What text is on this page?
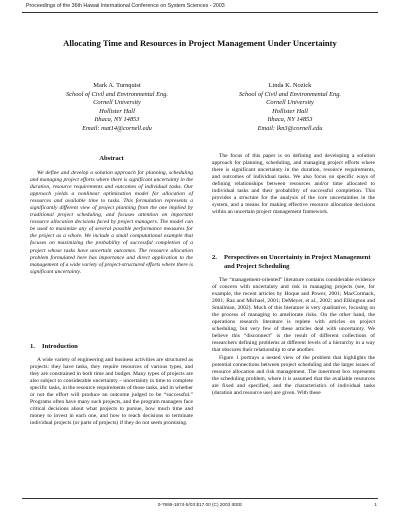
Proceedings of the 36th Hawaii International Conference on System Sciences - 2003
Allocating Time and Resources in Project Management Under Uncertainty
Mark A. Turnquist
School of Civil and Environmental Eng.
Cornell University
Hollister Hall
Ithaca, NY 14853
Email: mat14@cornell.edu
Linda K. Nozick
School of Civil and Environmental Eng.
Cornell University
Hollister Hall
Ithaca, NY 14853
Email: lkn3@cornell.edu
Abstract

We define and develop a solution approach for planning, scheduling and managing project efforts where there is significant uncertainty in the duration, resource requirements and outcomes of individual tasks. Our approach yields a nonlinear optimization model for allocation of resources and available time to tasks. This formulation represents a significantly different view of project planning from the one implied by traditional project scheduling, and focuses attention on important resource allocation decisions faced by project managers. The model can be used to maximize any of several possible performance measures for the project as a whole. We include a small computational example that focuses on maximizing the probability of successful completion of a project whose tasks have uncertain outcomes. The resource allocation problem formulated here has importance and direct application to the management of a wide variety of project-structured efforts where there is significant uncertainty.

1. Introduction

A wide variety of engineering and business activities are structured as projects: they have tasks, they require resources of various types, and they are constrained in both time and budget. Many types of projects are also subject to considerable uncertainty – uncertainty in time to complete specific tasks, in the resource requirements of those tasks, and in whether or not the effort will produce an outcome judged to be “successful.” Programs often have many such projects, and the program managers face critical decisions about what projects to pursue, how much time and money to invest in each one, and how to reach decisions to terminate individual projects (or parts of projects) if they do not seem promising.

The focus of this paper is on defining and developing a solution approach for planning, scheduling, and managing project efforts where there is significant uncertainty in the duration, resource requirements, and outcomes of individual tasks. We also focus on specific ways of defining relationships between resources and/or time allocated to individual tasks and their probability of successful completion. This provides a structure for the analysis of the core uncertainties in the system, and a means for making effective resource allocation decisions within an uncertain project management framework.

2. Perspectives on Uncertainty in Project Management and Project Scheduling

The “management-oriented” literature contains considerable evidence of concern with uncertainty and risk in managing projects (see, for example, the recent articles by Hoque and Power, 2001; MacCormack, 2001; Raz and Michael, 2001; DeMeyer, et al., 2002; and Elkington and Smallman, 2002). Much of this literature is very qualitative, focusing on the process of managing to ameliorate risks. On the other hand, the operations research literature is replete with articles on project scheduling, but very few of these articles deal with uncertainty. We believe this “disconnect” is the result of different collections of researchers defining problems at different levels of a hierarchy in a way that obscures their relationship to one another.

Figure 1 portrays a nested view of the problem that highlights the potential connections between project scheduling and the larger issues of resource allocation and risk management. The innermost box represents the scheduling problem, where it is assumed that the available resources are fixed and specified, and the characteristics of individual tasks (duration and resource use) are given. With these

0-7695-1874-5/03 $17.00 (C) 2003 IEEE	1
